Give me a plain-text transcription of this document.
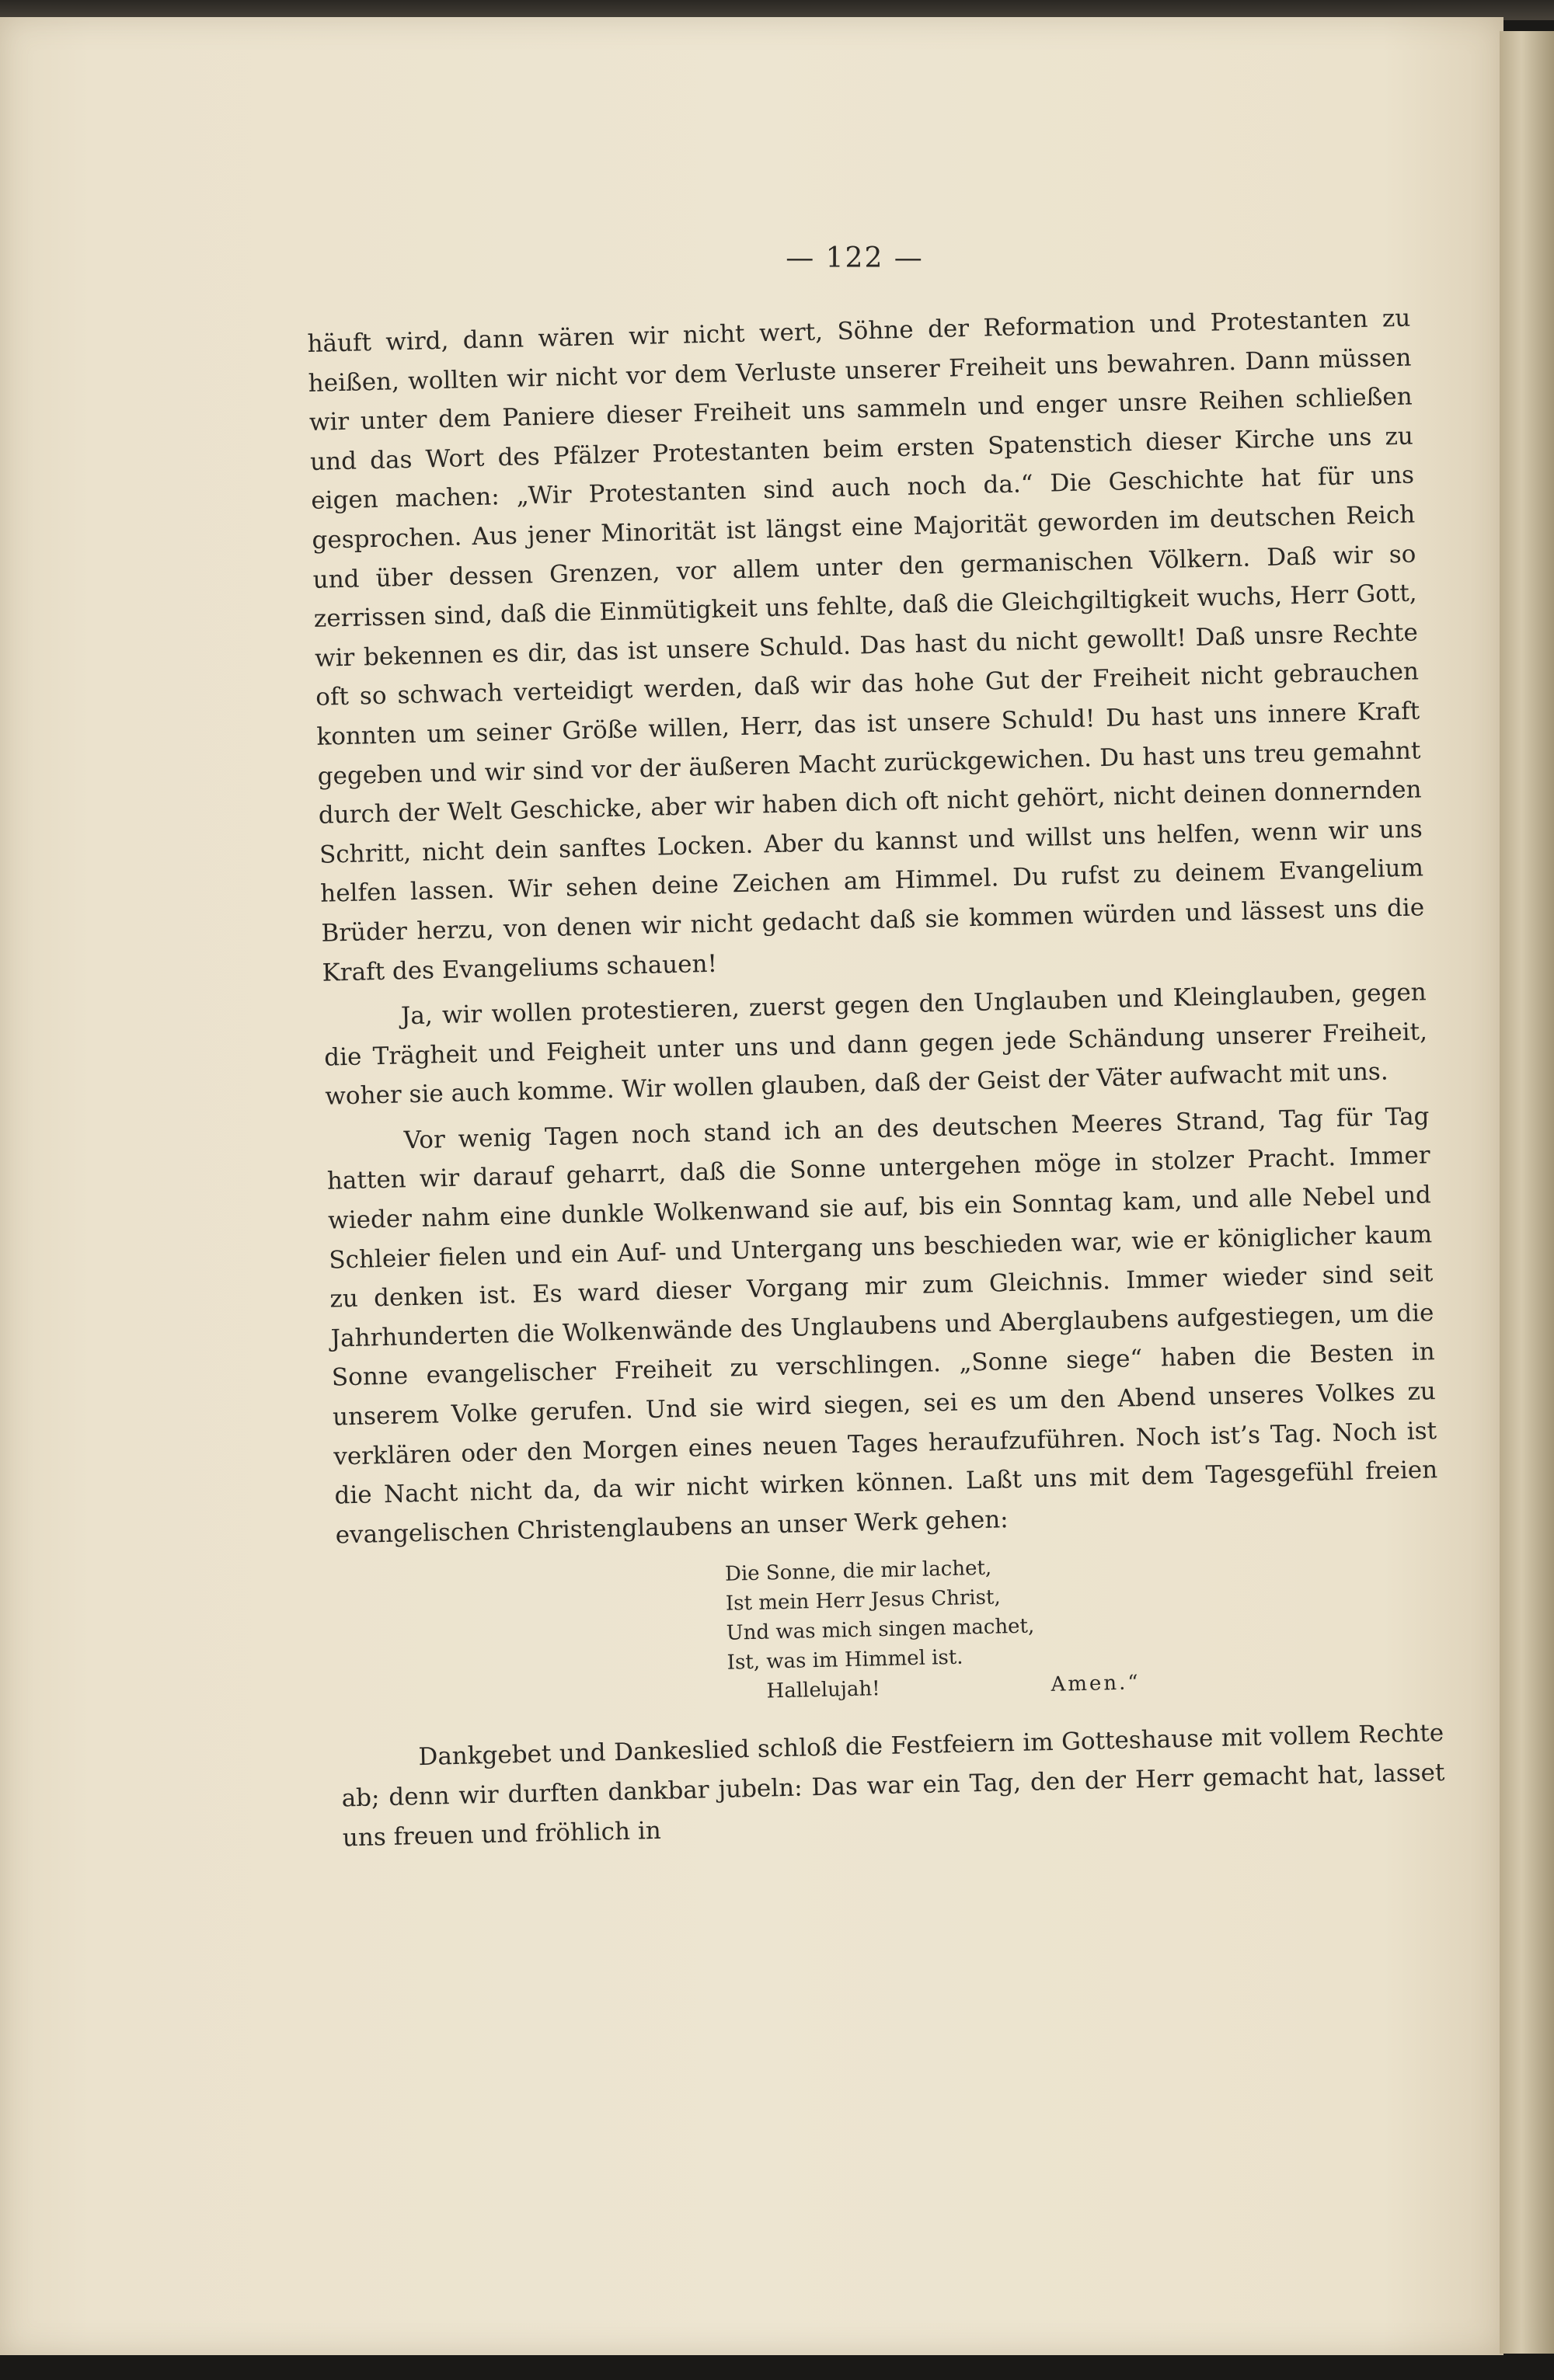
— 122 —

häuft wird, dann wären wir nicht wert, Söhne der Reformation und Protestanten zu heißen, wollten wir nicht vor dem Verluste unserer Freiheit uns bewahren. Dann müssen wir unter dem Paniere dieser Freiheit uns sammeln und enger unsre Reihen schließen und das Wort des Pfälzer Protestanten beim ersten Spatenstich dieser Kirche uns zu eigen machen: „Wir Protestanten sind auch noch da.“ Die Geschichte hat für uns gesprochen. Aus jener Minorität ist längst eine Majorität geworden im deutschen Reich und über dessen Grenzen, vor allem unter den germanischen Völkern. Daß wir so zerrissen sind, daß die Einmütigkeit uns fehlte, daß die Gleichgiltigkeit wuchs, Herr Gott, wir bekennen es dir, das ist unsere Schuld. Das hast du nicht gewollt! Daß unsre Rechte oft so schwach verteidigt werden, daß wir das hohe Gut der Freiheit nicht gebrauchen konnten um seiner Größe willen, Herr, das ist unsere Schuld! Du hast uns innere Kraft gegeben und wir sind vor der äußeren Macht zurückgewichen. Du hast uns treu gemahnt durch der Welt Geschicke, aber wir haben dich oft nicht gehört, nicht deinen donnernden Schritt, nicht dein sanftes Locken. Aber du kannst und willst uns helfen, wenn wir uns helfen lassen. Wir sehen deine Zeichen am Himmel. Du rufst zu deinem Evangelium Brüder herzu, von denen wir nicht gedacht daß sie kommen würden und lässest uns die Kraft des Evangeliums schauen!

Ja, wir wollen protestieren, zuerst gegen den Unglauben und Kleinglauben, gegen die Trägheit und Feigheit unter uns und dann gegen jede Schändung unserer Freiheit, woher sie auch komme. Wir wollen glauben, daß der Geist der Väter aufwacht mit uns.

Vor wenig Tagen noch stand ich an des deutschen Meeres Strand, Tag für Tag hatten wir darauf geharrt, daß die Sonne untergehen möge in stolzer Pracht. Immer wieder nahm eine dunkle Wolkenwand sie auf, bis ein Sonntag kam, und alle Nebel und Schleier fielen und ein Auf- und Untergang uns beschieden war, wie er königlicher kaum zu denken ist. Es ward dieser Vorgang mir zum Gleichnis. Immer wieder sind seit Jahrhunderten die Wolkenwände des Unglaubens und Aberglaubens aufgestiegen, um die Sonne evangelischer Freiheit zu verschlingen. „Sonne siege“ haben die Besten in unserem Volke gerufen. Und sie wird siegen, sei es um den Abend unseres Volkes zu verklären oder den Morgen eines neuen Tages heraufzuführen. Noch ist’s Tag. Noch ist die Nacht nicht da, da wir nicht wirken können. Laßt uns mit dem Tagesgefühl freien evangelischen Christenglaubens an unser Werk gehen:

Die Sonne, die mir lachet,
Ist mein Herr Jesus Christ,
Und was mich singen machet,
Ist, was im Himmel ist.
Hallelujah!	Amen.“

Dankgebet und Dankeslied schloß die Festfeiern im Gotteshause mit vollem Rechte ab; denn wir durften dankbar jubeln: Das war ein Tag, den der Herr gemacht hat, lasset uns freuen und fröhlich in
